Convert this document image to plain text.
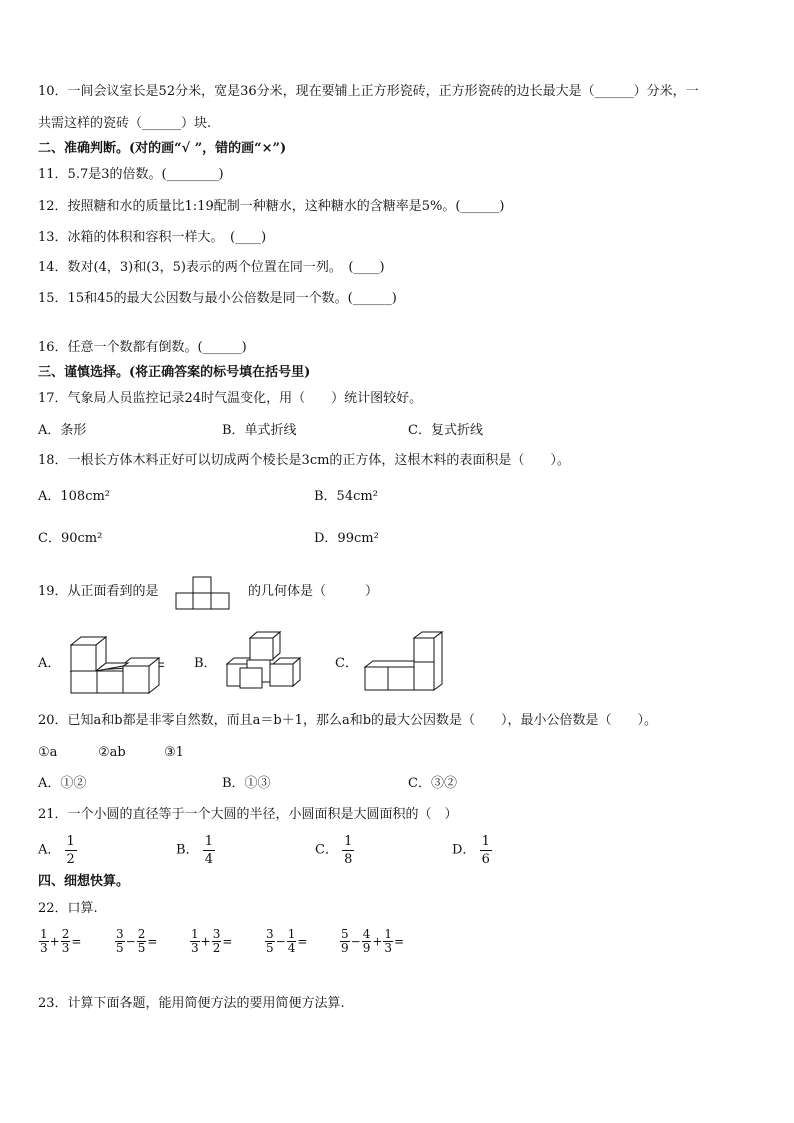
10．一间会议室长是52分米，宽是36分米，现在要铺上正方形瓷砖，正方形瓷砖的边长最大是（______）分米，一
共需这样的瓷砖（______）块.
二、准确判断。(对的画“√ ”，错的画“×”)
11．5.7是3的倍数。(________)
12．按照糖和水的质量比1:19配制一种糖水，这种糖水的含糖率是5%。(______)
13．冰箱的体积和容积一样大。　(____)
14．数对(4，3)和(3，5)表示的两个位置在同一列。　(____)
15．15和45的最大公因数与最小公倍数是同一个数。(______)
16．任意一个数都有倒数。(______)
三、谨慎选择。(将正确答案的标号填在括号里)
17．气象局人员监控记录24时气温变化，用（　　）统计图较好。
A．条形	B．单式折线	C．复式折线
18．一根长方体木料正好可以切成两个棱长是3cm的正方体，这根木料的表面积是（　　）。
A．108cm²	B．54cm²
C．90cm²	D．99cm²
19．从正面看到的是	的几何体是（　　　）
A．	B．	C．
20．已知a和b都是非零自然数，而且a＝b＋1，那么a和b的最大公因数是（　　），最小公倍数是（　　）。
①a	②ab	③1
A．①②	B．①③	C．③②
21．一个小圆的直径等于一个大圆的半径，小圆面积是大圆面积的（　）
A． $\frac{1}{2}$	B． $\frac{1}{4}$	C． $\frac{1}{8}$	D． $\frac{1}{6}$
四、细想快算。
22．口算.
$\frac{1}{3} + \frac{2}{3}$ =	$\frac{3}{5} - \frac{2}{5}$ =	$\frac{1}{3} + \frac{3}{2}$ =	$\frac{3}{5} - \frac{1}{4}$ =	$\frac{5}{9} - \frac{4}{9} + \frac{1}{3}$ =
23．计算下面各题，能用简便方法的要用简便方法算.
